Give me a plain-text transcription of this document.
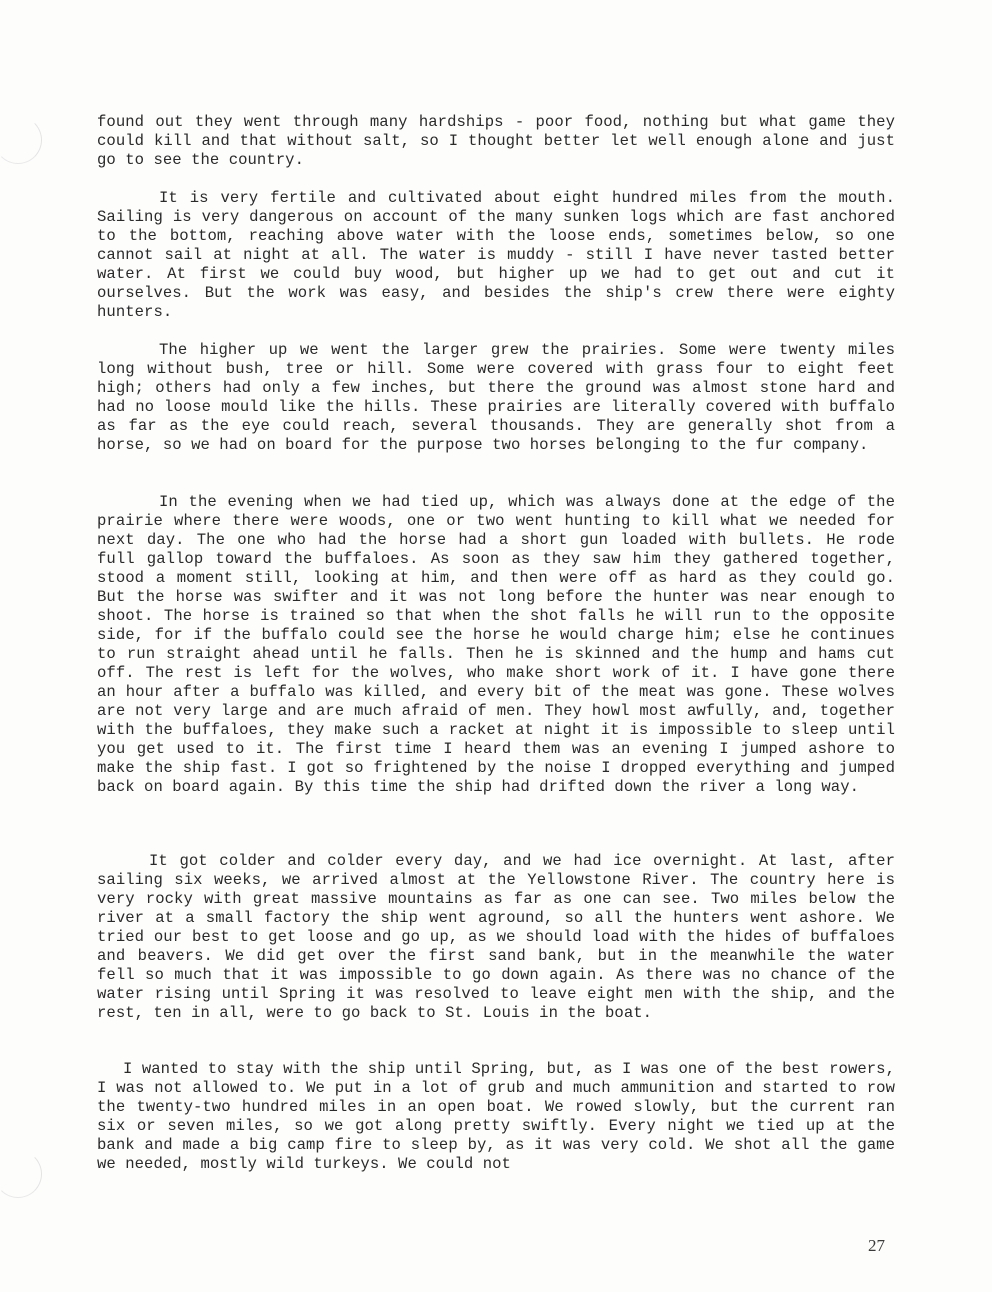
found out they went through many hardships - poor food, nothing but what game they could kill and that without salt, so I thought better let well enough alone and just go to see the country.

It is very fertile and cultivated about eight hundred miles from the mouth. Sailing is very dangerous on account of the many sunken logs which are fast anchored to the bottom, reaching above water with the loose ends, sometimes below, so one cannot sail at night at all. The water is muddy - still I have never tasted better water. At first we could buy wood, but higher up we had to get out and cut it ourselves. But the work was easy, and besides the ship's crew there were eighty hunters.

The higher up we went the larger grew the prairies. Some were twenty miles long without bush, tree or hill. Some were covered with grass four to eight feet high; others had only a few inches, but there the ground was almost stone hard and had no loose mould like the hills. These prairies are literally covered with buffalo as far as the eye could reach, several thousands. They are generally shot from a horse, so we had on board for the purpose two horses belonging to the fur company.

In the evening when we had tied up, which was always done at the edge of the prairie where there were woods, one or two went hunting to kill what we needed for next day. The one who had the horse had a short gun loaded with bullets. He rode full gallop toward the buffaloes. As soon as they saw him they gathered together, stood a moment still, looking at him, and then were off as hard as they could go. But the horse was swifter and it was not long before the hunter was near enough to shoot. The horse is trained so that when the shot falls he will run to the opposite side, for if the buffalo could see the horse he would charge him; else he continues to run straight ahead until he falls. Then he is skinned and the hump and hams cut off. The rest is left for the wolves, who make short work of it. I have gone there an hour after a buffalo was killed, and every bit of the meat was gone. These wolves are not very large and are much afraid of men. They howl most awfully, and, together with the buffaloes, they make such a racket at night it is impossible to sleep until you get used to it. The first time I heard them was an evening I jumped ashore to make the ship fast. I got so frightened by the noise I dropped everything and jumped back on board again. By this time the ship had drifted down the river a long way.

It got colder and colder every day, and we had ice overnight. At last, after sailing six weeks, we arrived almost at the Yellowstone River. The country here is very rocky with great massive mountains as far as one can see. Two miles below the river at a small factory the ship went aground, so all the hunters went ashore. We tried our best to get loose and go up, as we should load with the hides of buffaloes and beavers. We did get over the first sand bank, but in the meanwhile the water fell so much that it was impossible to go down again. As there was no chance of the water rising until Spring it was resolved to leave eight men with the ship, and the rest, ten in all, were to go back to St. Louis in the boat.

I wanted to stay with the ship until Spring, but, as I was one of the best rowers, I was not allowed to. We put in a lot of grub and much ammunition and started to row the twenty-two hundred miles in an open boat. We rowed slowly, but the current ran six or seven miles, so we got along pretty swiftly. Every night we tied up at the bank and made a big camp fire to sleep by, as it was very cold. We shot all the game we needed, mostly wild turkeys. We could not

27
